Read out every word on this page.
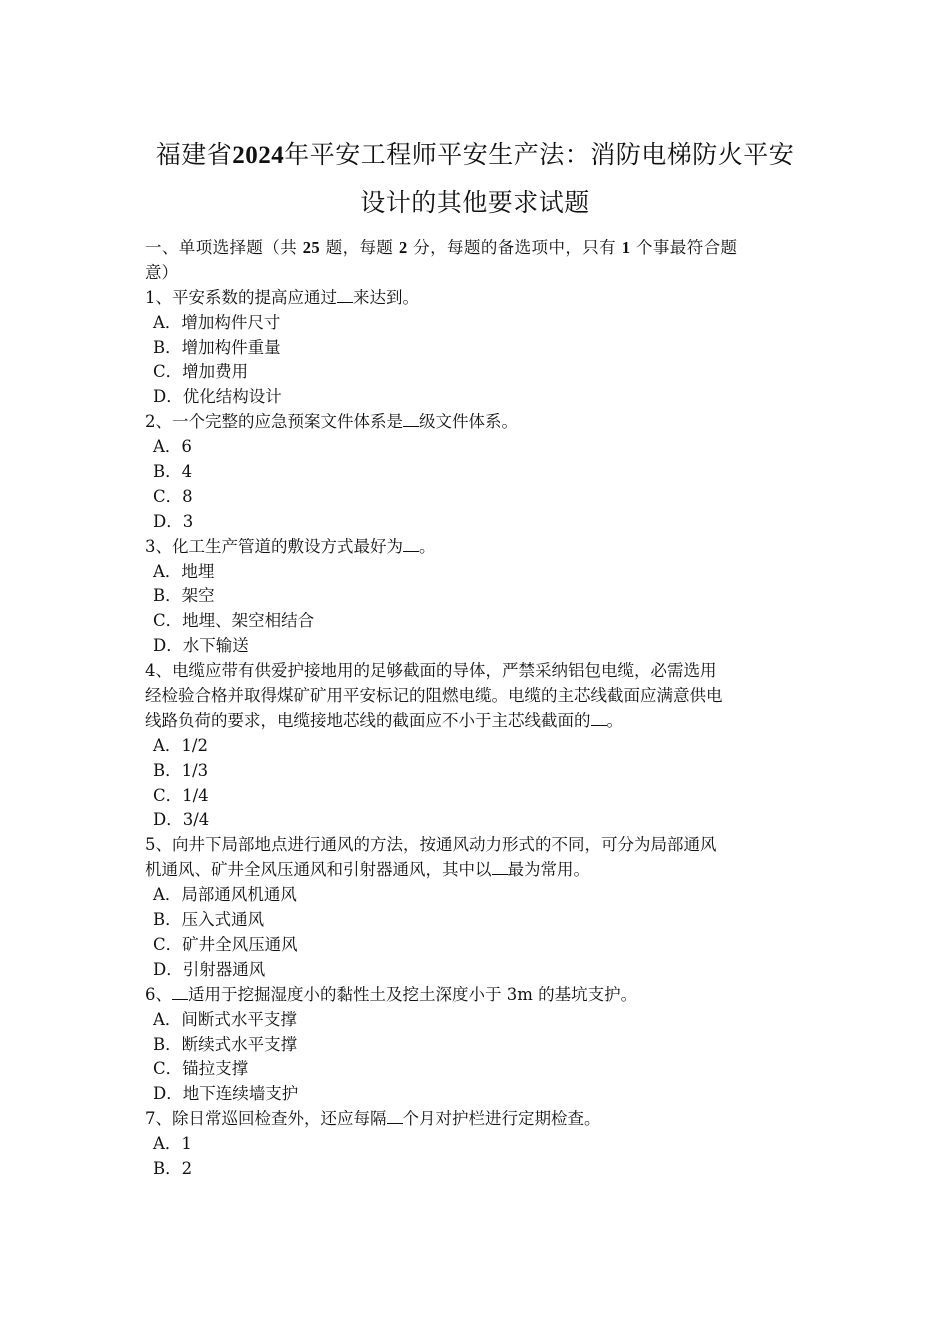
福建省2024年平安工程师平安生产法：消防电梯防火平安
设计的其他要求试题
一、单项选择题（共 25 题，每题 2 分，每题的备选项中，只有 1 个事最符合题
意）
1、平安系数的提高应通过 来达到。
A．增加构件尺寸
B．增加构件重量
C．增加费用
D．优化结构设计
2、一个完整的应急预案文件体系是 级文件体系。
A．6
B．4
C．8
D．3
3、化工生产管道的敷设方式最好为 。
A．地埋
B．架空
C．地埋、架空相结合
D．水下输送
4、电缆应带有供爱护接地用的足够截面的导体，严禁采纳铝包电缆，必需选用
经检验合格并取得煤矿矿用平安标记的阻燃电缆。电缆的主芯线截面应满意供电
线路负荷的要求，电缆接地芯线的截面应不小于主芯线截面的 。
A．1/2
B．1/3
C．1/4
D．3/4
5、向井下局部地点进行通风的方法，按通风动力形式的不同，可分为局部通风
机通风、矿井全风压通风和引射器通风，其中以 最为常用。
A．局部通风机通风
B．压入式通风
C．矿井全风压通风
D．引射器通风
6、 适用于挖掘湿度小的黏性土及挖土深度小于 3m 的基坑支护。
A．间断式水平支撑
B．断续式水平支撑
C．锚拉支撑
D．地下连续墙支护
7、除日常巡回检查外，还应每隔 个月对护栏进行定期检查。
A．1
B．2
